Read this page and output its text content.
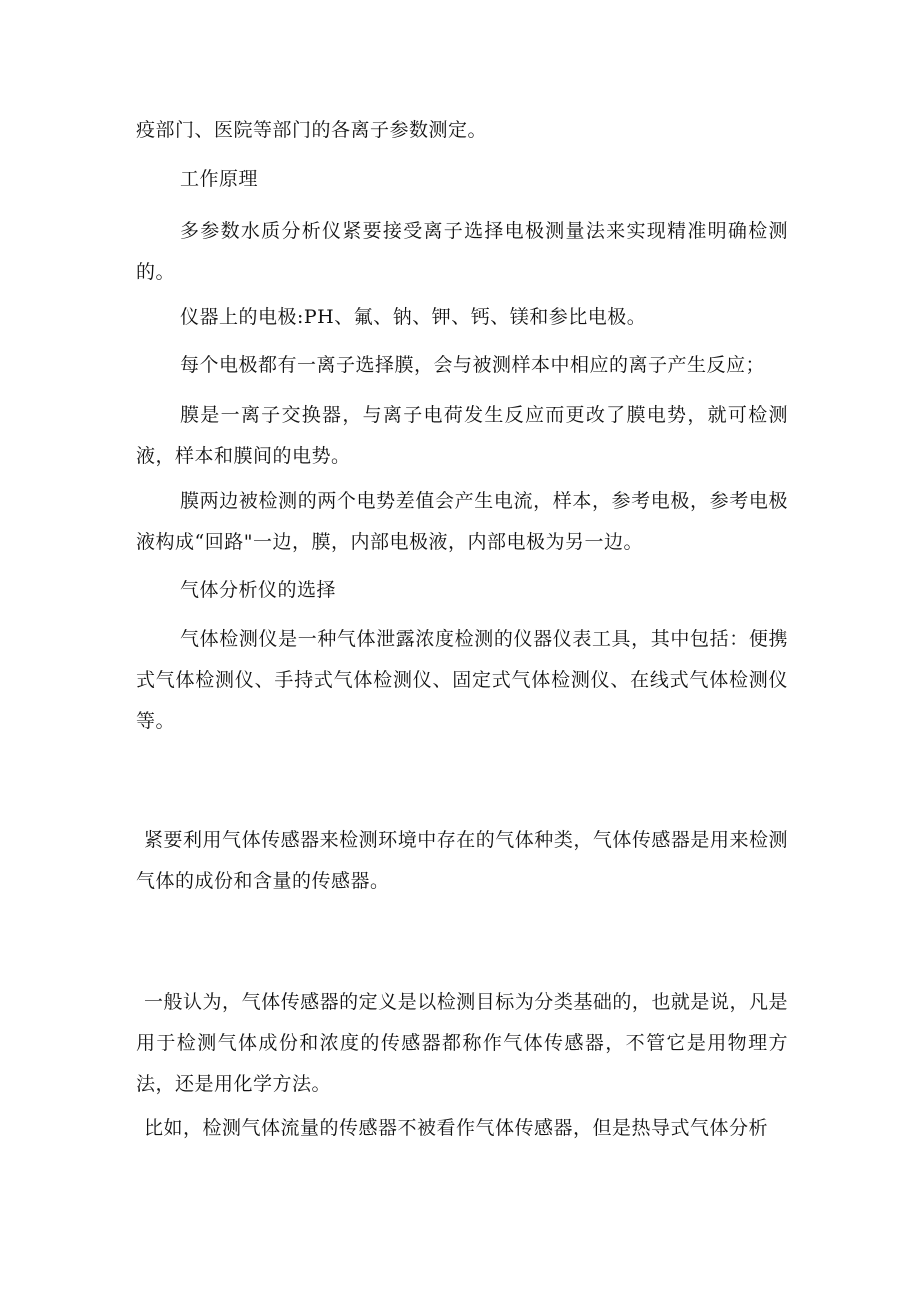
疫部门、医院等部门的各离子参数测定。

工作原理

多参数水质分析仪紧要接受离子选择电极测量法来实现精准明确检测的。

仪器上的电极:PH、氟、钠、钾、钙、镁和参比电极。

每个电极都有一离子选择膜，会与被测样本中相应的离子产生反应；

膜是一离子交换器，与离子电荷发生反应而更改了膜电势，就可检测液，样本和膜间的电势。

膜两边被检测的两个电势差值会产生电流，样本，参考电极，参考电极液构成“回路"一边，膜，内部电极液，内部电极为另一边。

气体分析仪的选择

气体检测仪是一种气体泄露浓度检测的仪器仪表工具，其中包括：便携式气体检测仪、手持式气体检测仪、固定式气体检测仪、在线式气体检测仪等。

紧要利用气体传感器来检测环境中存在的气体种类，气体传感器是用来检测气体的成份和含量的传感器。

一般认为，气体传感器的定义是以检测目标为分类基础的，也就是说，凡是用于检测气体成份和浓度的传感器都称作气体传感器，不管它是用物理方法，还是用化学方法。

比如，检测气体流量的传感器不被看作气体传感器，但是热导式气体分析
